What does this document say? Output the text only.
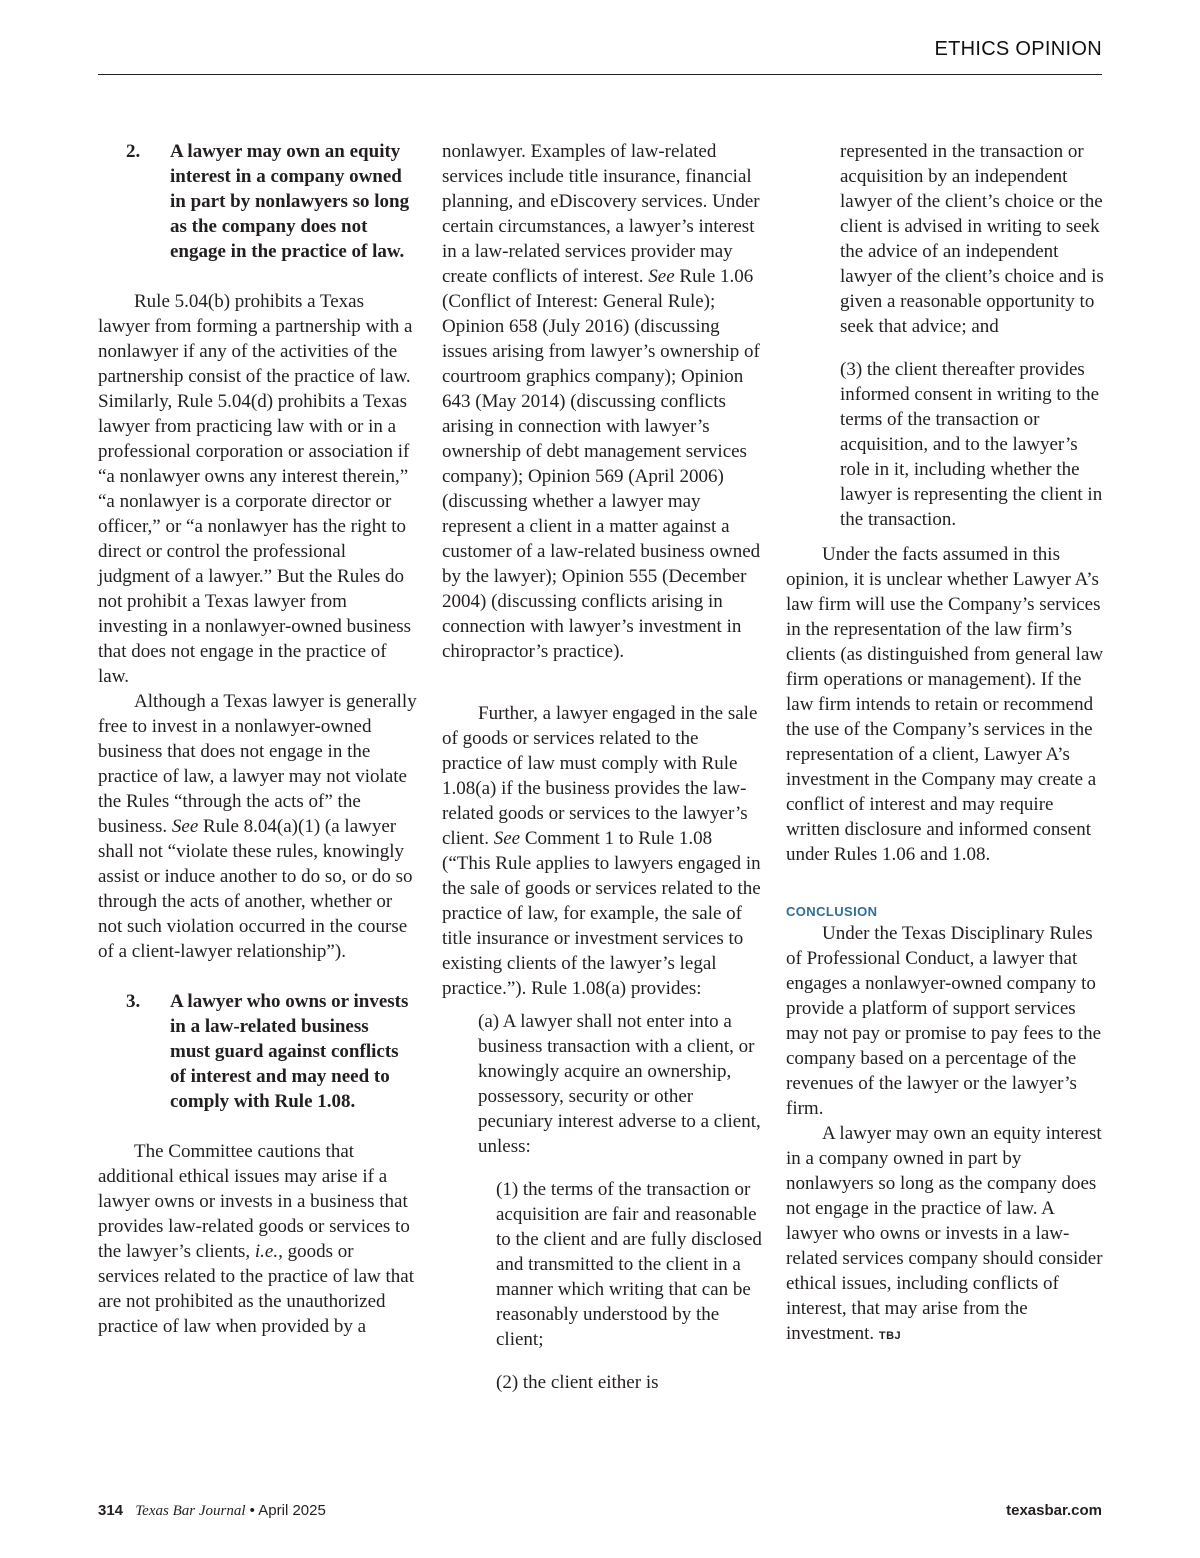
ETHICS OPINION
2. A lawyer may own an equity interest in a company owned in part by nonlawyers so long as the company does not engage in the practice of law.

Rule 5.04(b) prohibits a Texas lawyer from forming a partnership with a nonlawyer if any of the activities of the partnership consist of the practice of law. Similarly, Rule 5.04(d) prohibits a Texas lawyer from practicing law with or in a professional corporation or association if “a nonlawyer owns any interest therein,” “a nonlawyer is a corporate director or officer,” or “a nonlawyer has the right to direct or control the professional judgment of a lawyer.” But the Rules do not prohibit a Texas lawyer from investing in a nonlawyer-owned business that does not engage in the practice of law.

Although a Texas lawyer is generally free to invest in a nonlawyer-owned business that does not engage in the practice of law, a lawyer may not violate the Rules “through the acts of” the business. See Rule 8.04(a)(1) (a lawyer shall not “violate these rules, knowingly assist or induce another to do so, or do so through the acts of another, whether or not such violation occurred in the course of a client-lawyer relationship”).

3. A lawyer who owns or invests in a law-related business must guard against conflicts of interest and may need to comply with Rule 1.08.

The Committee cautions that additional ethical issues may arise if a lawyer owns or invests in a business that provides law-related goods or services to the lawyer’s clients, i.e., goods or services related to the practice of law that are not prohibited as the unauthorized practice of law when provided by a

nonlawyer. Examples of law-related services include title insurance, financial planning, and eDiscovery services. Under certain circumstances, a lawyer’s interest in a law-related services provider may create conflicts of interest. See Rule 1.06 (Conflict of Interest: General Rule); Opinion 658 (July 2016) (discussing issues arising from lawyer’s ownership of courtroom graphics company); Opinion 643 (May 2014) (discussing conflicts arising in connection with lawyer’s ownership of debt management services company); Opinion 569 (April 2006) (discussing whether a lawyer may represent a client in a matter against a customer of a law-related business owned by the lawyer); Opinion 555 (December 2004) (discussing conflicts arising in connection with lawyer’s investment in chiropractor’s practice).

Further, a lawyer engaged in the sale of goods or services related to the practice of law must comply with Rule 1.08(a) if the business provides the law-related goods or services to the lawyer’s client. See Comment 1 to Rule 1.08 (“This Rule applies to lawyers engaged in the sale of goods or services related to the practice of law, for example, the sale of title insurance or investment services to existing clients of the lawyer’s legal practice.”). Rule 1.08(a) provides:

(a) A lawyer shall not enter into a business transaction with a client, or knowingly acquire an ownership, possessory, security or other pecuniary interest adverse to a client, unless:

(1) the terms of the transaction or acquisition are fair and reasonable to the client and are fully disclosed and transmitted to the client in a manner which writing that can be reasonably understood by the client;

(2) the client either is

represented in the transaction or acquisition by an independent lawyer of the client’s choice or the client is advised in writing to seek the advice of an independent lawyer of the client’s choice and is given a reasonable opportunity to seek that advice; and

(3) the client thereafter provides informed consent in writing to the terms of the transaction or acquisition, and to the lawyer’s role in it, including whether the lawyer is representing the client in the transaction.

Under the facts assumed in this opinion, it is unclear whether Lawyer A’s law firm will use the Company’s services in the representation of the law firm’s clients (as distinguished from general law firm operations or management). If the law firm intends to retain or recommend the use of the Company’s services in the representation of a client, Lawyer A’s investment in the Company may create a conflict of interest and may require written disclosure and informed consent under Rules 1.06 and 1.08.

CONCLUSION

Under the Texas Disciplinary Rules of Professional Conduct, a lawyer that engages a nonlawyer-owned company to provide a platform of support services may not pay or promise to pay fees to the company based on a percentage of the revenues of the lawyer or the lawyer’s firm.

A lawyer may own an equity interest in a company owned in part by nonlawyers so long as the company does not engage in the practice of law. A lawyer who owns or invests in a law-related services company should consider ethical issues, including conflicts of interest, that may arise from the investment. TBJ

314 Texas Bar Journal • April 2025	texasbar.com
